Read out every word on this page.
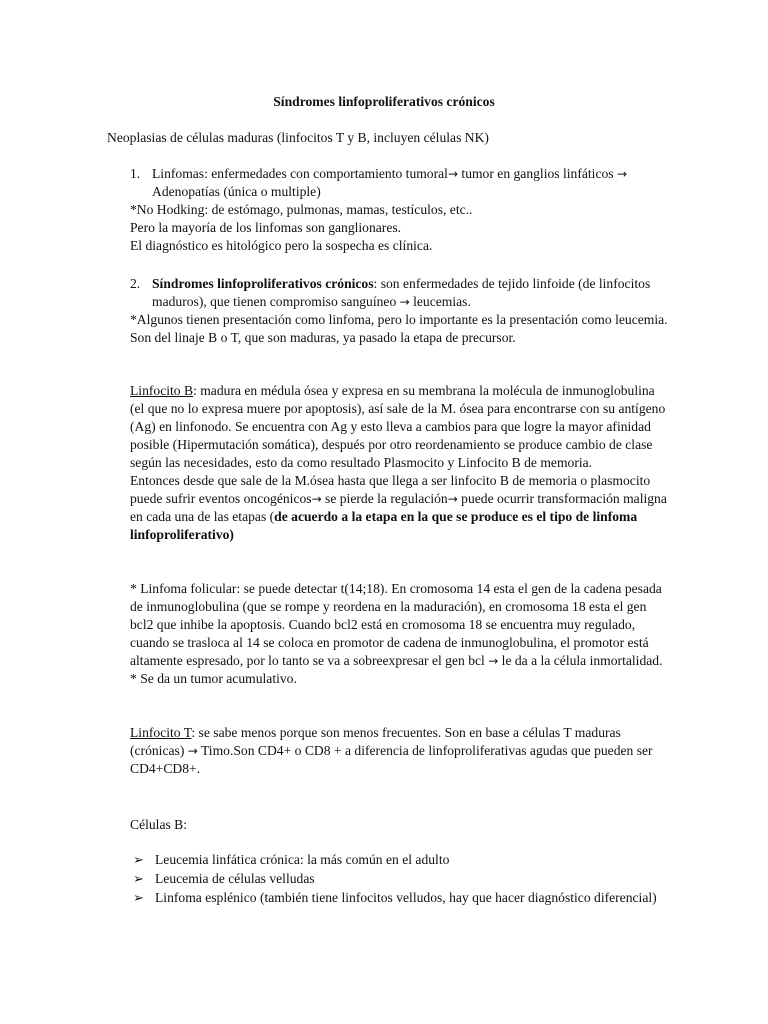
Síndromes linfoproliferativos crónicos

Neoplasias de células maduras (linfocitos T y B, incluyen células NK)

1. Linfomas: enfermedades con comportamiento tumoral→ tumor en ganglios linfáticos → Adenopatías (única o multiple)

*No Hodking: de estómago, pulmonas, mamas, testículos, etc..

Pero la mayoría de los linfomas son ganglionares.

El diagnóstico es hitológico pero la sospecha es clínica.

2. Síndromes linfoproliferativos crónicos: son enfermedades de tejido linfoide (de linfocitos maduros), que tienen compromiso sanguíneo → leucemias.

*Algunos tienen presentación como linfoma, pero lo importante es la presentación como leucemia.

Son del linaje B o T, que son maduras, ya pasado la etapa de precursor.

Linfocito B: madura en médula ósea y expresa en su membrana la molécula de inmunoglobulina (el que no lo expresa muere por apoptosis), así sale de la M. ósea para encontrarse con su antígeno (Ag) en linfonodo. Se encuentra con Ag y esto lleva a cambios para que logre la mayor afinidad posible (Hipermutación somática), después por otro reordenamiento se produce cambio de clase según las necesidades, esto da como resultado Plasmocito y Linfocito B de memoria.

Entonces desde que sale de la M.ósea hasta que llega a ser linfocito B de memoria o plasmocito puede sufrir eventos oncogénicos→ se pierde la regulación→ puede ocurrir transformación maligna en cada una de las etapas (de acuerdo a la etapa en la que se produce es el tipo de linfoma linfoproliferativo)

* Linfoma folicular: se puede detectar t(14;18). En cromosoma 14 esta el gen de la cadena pesada de inmunoglobulina (que se rompe y reordena en la maduración), en cromosoma 18 esta el gen bcl2 que inhibe la apoptosis. Cuando bcl2 está en cromosoma 18 se encuentra muy regulado, cuando se trasloca al 14 se coloca en promotor de cadena de inmunoglobulina, el promotor está altamente espresado, por lo tanto se va a sobreexpresar el gen bcl → le da a la célula inmortalidad. * Se da un tumor acumulativo.

Linfocito T: se sabe menos porque son menos frecuentes. Son en base a células T maduras (crónicas) → Timo.Son CD4+ o CD8 + a diferencia de linfoproliferativas agudas que pueden ser CD4+CD8+.

Células B:

➢ Leucemia linfática crónica: la más común en el adulto
➢ Leucemia de células velludas
➢ Linfoma esplénico (también tiene linfocitos velludos, hay que hacer diagnóstico diferencial)
